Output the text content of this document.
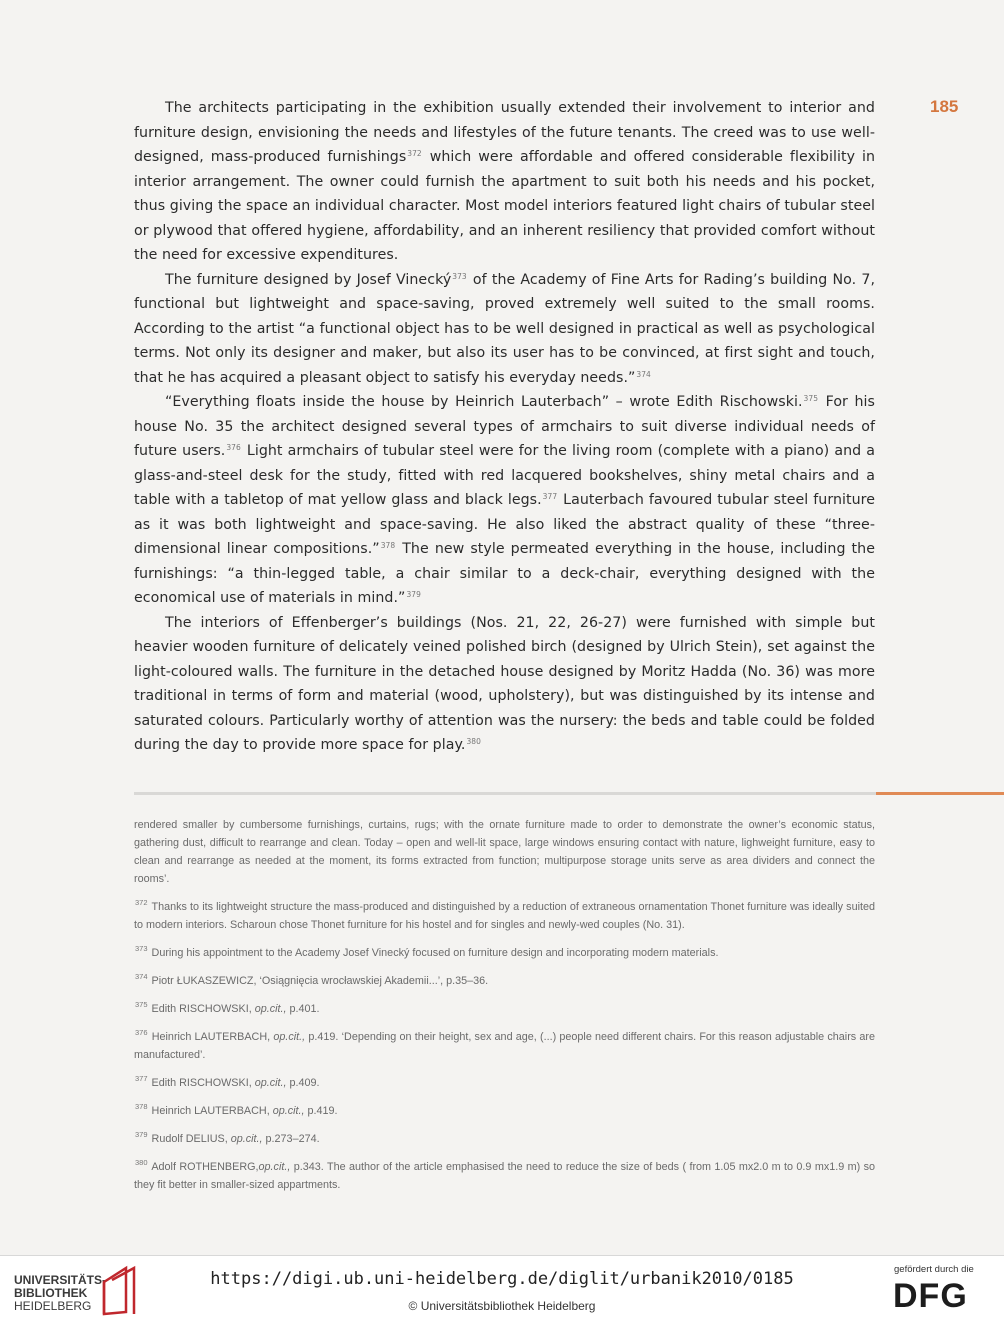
185

The architects participating in the exhibition usually extended their involvement to interior and furniture design, envisioning the needs and lifestyles of the future tenants. The creed was to use well-designed, mass-produced furnishings$^{372}$ which were affordable and offered considerable flexibility in interior arrangement. The owner could furnish the apartment to suit both his needs and his pocket, thus giving the space an individual character. Most model interiors featured light chairs of tubular steel or plywood that offered hygiene, affordability, and an inherent resiliency that provided comfort without the need for excessive expenditures.

The furniture designed by Josef Vinecký$^{373}$ of the Academy of Fine Arts for Rading’s building No. 7, functional but lightweight and space-saving, proved extremely well suited to the small rooms. According to the artist “a functional object has to be well designed in practical as well as psychological terms. Not only its designer and maker, but also its user has to be convinced, at first sight and touch, that he has acquired a pleasant object to satisfy his everyday needs.”$^{374}$

“Everything floats inside the house by Heinrich Lauterbach” – wrote Edith Rischowski.$^{375}$ For his house No. 35 the architect designed several types of armchairs to suit diverse individual needs of future users.$^{376}$ Light armchairs of tubular steel were for the living room (complete with a piano) and a glass-and-steel desk for the study, fitted with red lacquered bookshelves, shiny metal chairs and a table with a tabletop of mat yellow glass and black legs.$^{377}$ Lauterbach favoured tubular steel furniture as it was both lightweight and space-saving. He also liked the abstract quality of these “three-dimensional linear compositions.”$^{378}$ The new style permeated everything in the house, including the furnishings: “a thin-legged table, a chair similar to a deck-chair, everything designed with the economical use of materials in mind.”$^{379}$

The interiors of Effenberger’s buildings (Nos. 21, 22, 26-27) were furnished with simple but heavier wooden furniture of delicately veined polished birch (designed by Ulrich Stein), set against the light-coloured walls. The furniture in the detached house designed by Moritz Hadda (No. 36) was more traditional in terms of form and material (wood, upholstery), but was distinguished by its intense and saturated colours. Particularly worthy of attention was the nursery: the beds and table could be folded during the day to provide more space for play.$^{380}$

rendered smaller by cumbersome furnishings, curtains, rugs; with the ornate furniture made to order to demonstrate the owner’s economic status, gathering dust, difficult to rearrange and clean. Today – open and well-lit space, large windows ensuring contact with nature, lighweight furniture, easy to clean and rearrange as needed at the moment, its forms extracted from function; multipurpose storage units serve as area dividers and connect the rooms’.

$^{372}$ Thanks to its lightweight structure the mass-produced and distinguished by a reduction of extraneous ornamentation Thonet furniture was ideally suited to modern interiors. Scharoun chose Thonet furniture for his hostel and for singles and newly-wed couples (No. 31).

$^{373}$ During his appointment to the Academy Josef Vinecký focused on furniture design and incorporating modern materials.

$^{374}$ Piotr ŁUKASZEWICZ, ‘Osiągnięcia wrocławskiej Akademii...’, p.35–36.

$^{375}$ Edith RISCHOWSKI, op.cit., p.401.

$^{376}$ Heinrich LAUTERBACH, op.cit., p.419. ‘Depending on their height, sex and age, (...) people need different chairs. For this reason adjustable chairs are manufactured’.

$^{377}$ Edith RISCHOWSKI, op.cit., p.409.

$^{378}$ Heinrich LAUTERBACH, op.cit., p.419.

$^{379}$ Rudolf DELIUS, op.cit., p.273–274.

$^{380}$ Adolf ROTHENBERG,op.cit., p.343. The author of the article emphasised the need to reduce the size of beds ( from 1.05 mx2.0 m to 0.9 mx1.9 m) so they fit better in smaller-sized appartments.

UNIVERSITÄTS-
BIBLIOTHEK
HEIDELBERG
https://digi.ub.uni-heidelberg.de/diglit/urbanik2010/0185
© Universitätsbibliothek Heidelberg
gefördert durch die
DFG
